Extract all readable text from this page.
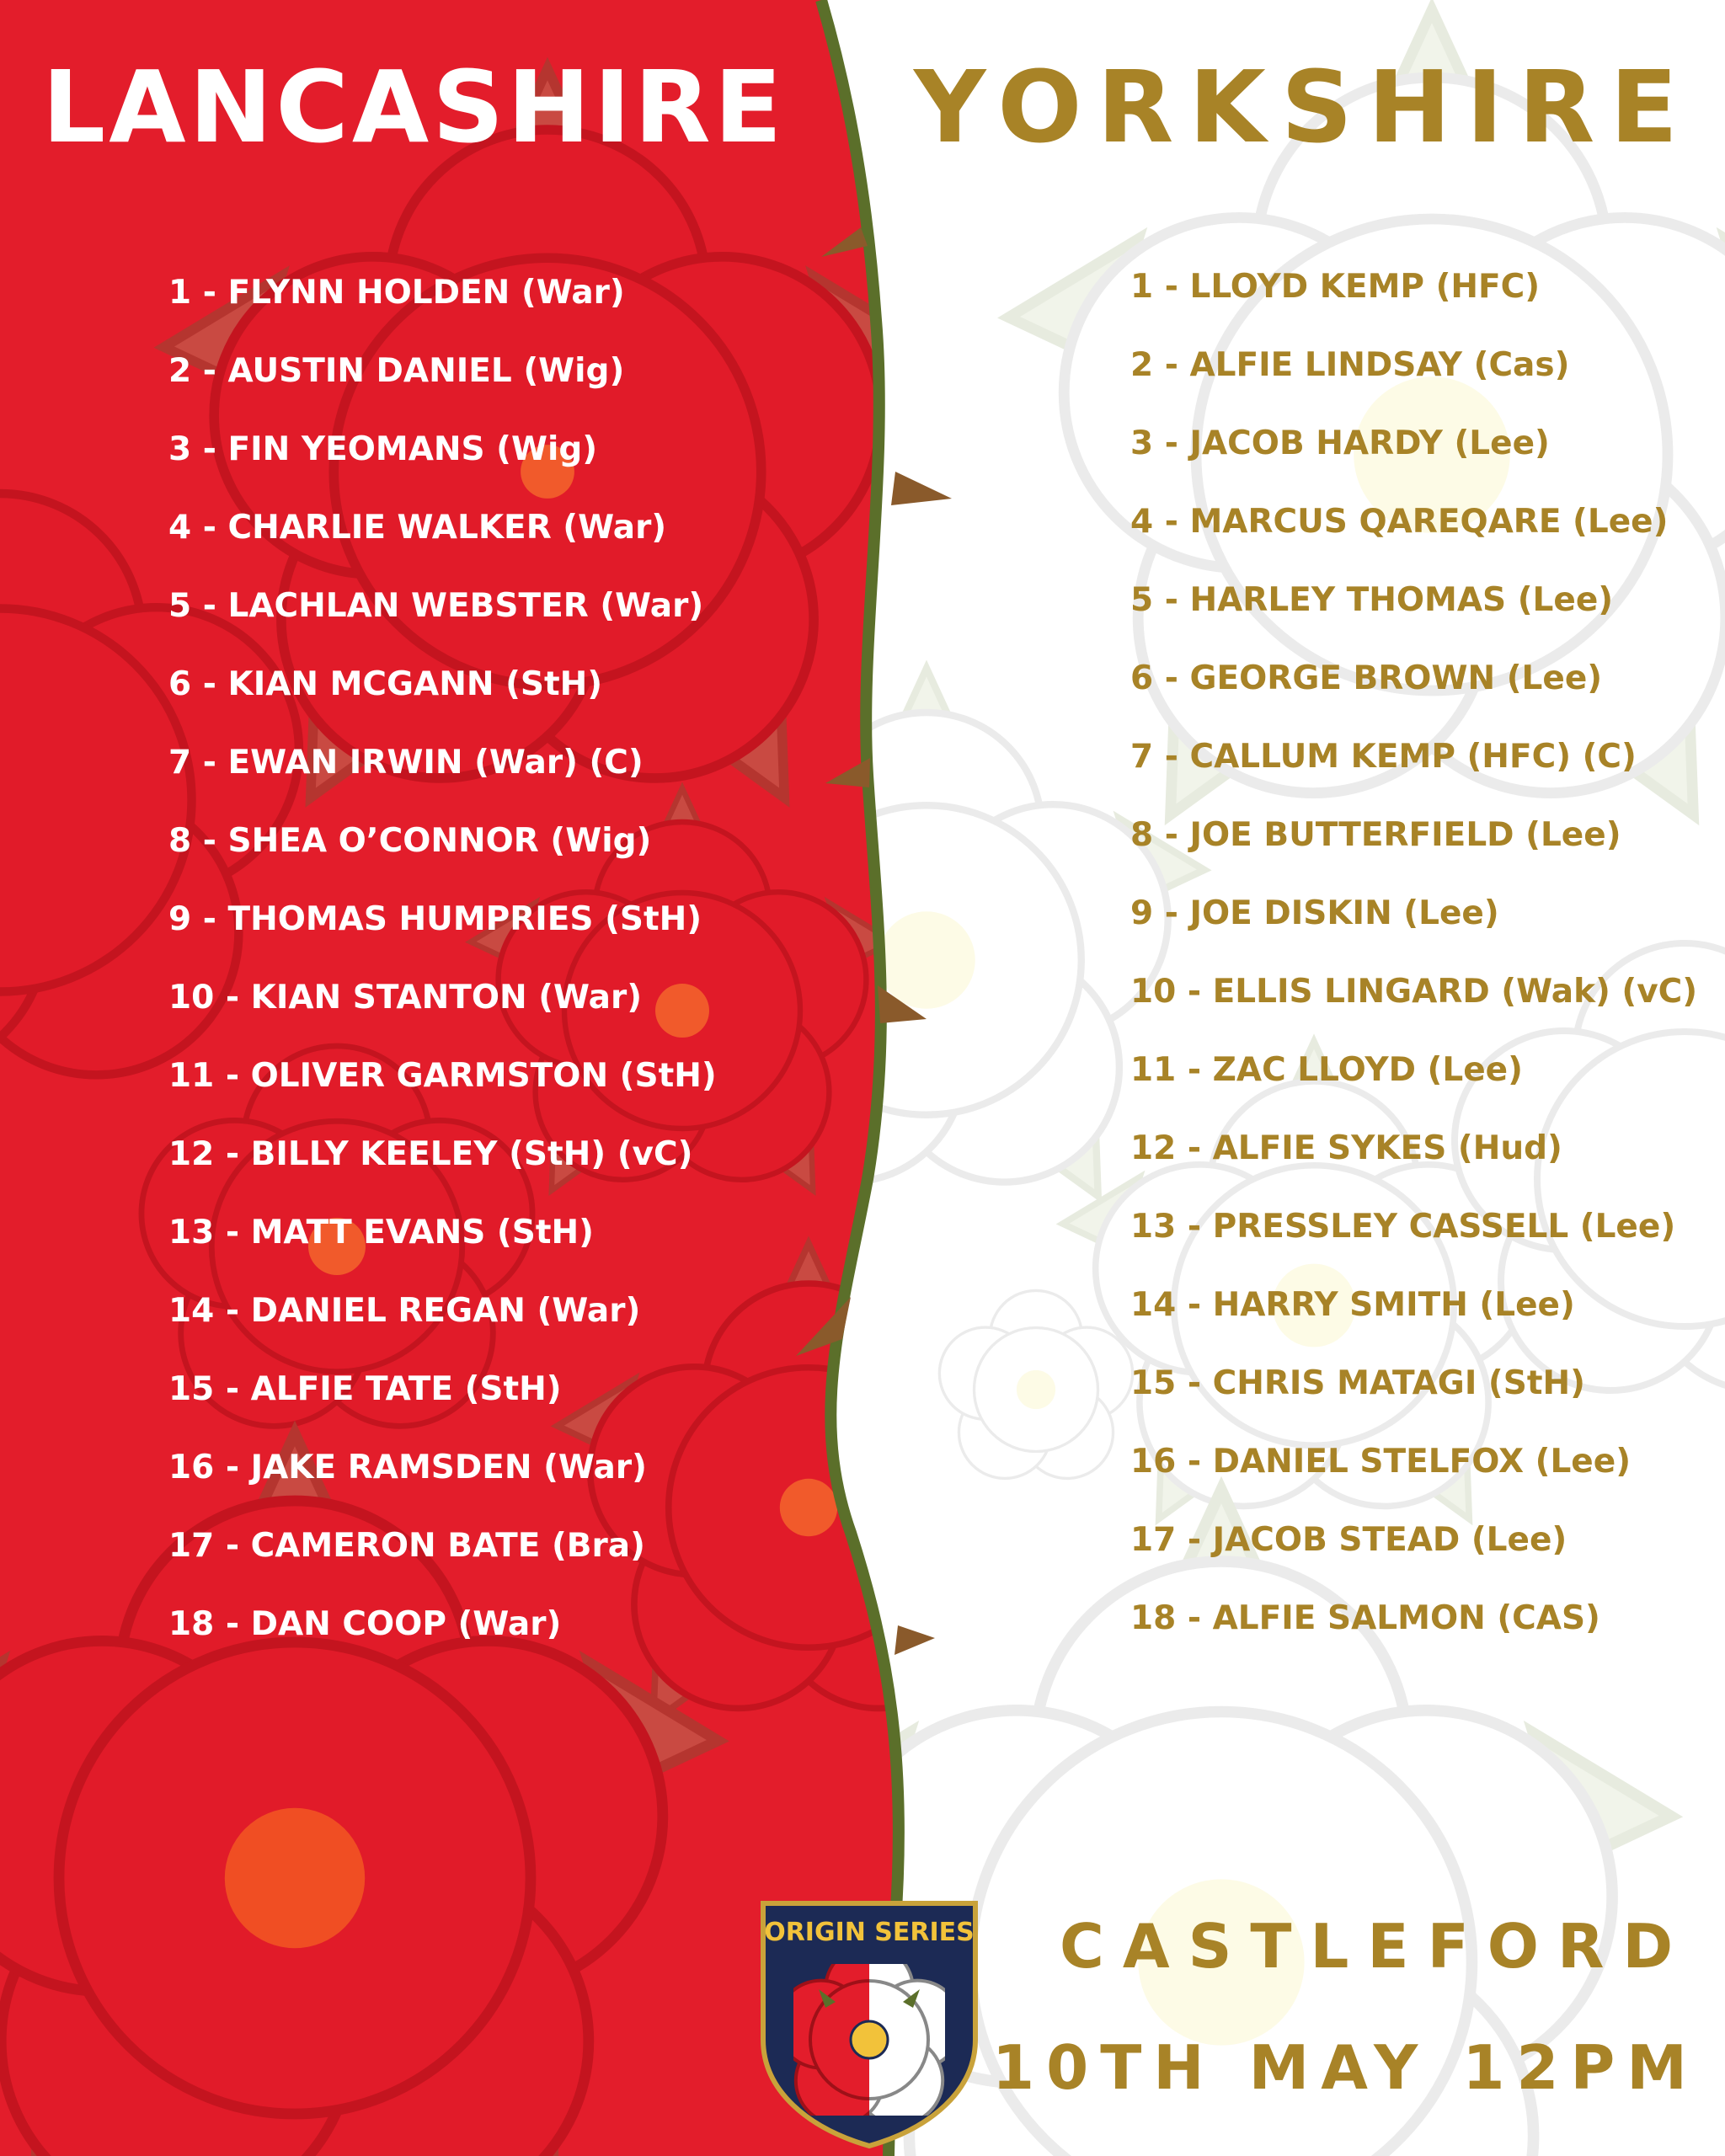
LANCASHIRE YORKSHIRE
1 - FLYNN HOLDEN (War)
2 - AUSTIN DANIEL (Wig)
3 - FIN YEOMANS (Wig)
4 - CHARLIE WALKER (War)
5 - LACHLAN WEBSTER (War)
6 - KIAN MCGANN (StH)
7 - EWAN IRWIN (War) (C)
8 - SHEA O’CONNOR (Wig)
9 - THOMAS HUMPRIES (StH)
10 - KIAN STANTON (War)
11 - OLIVER GARMSTON (StH)
12 - BILLY KEELEY (StH) (vC)
13 - MATT EVANS (StH)
14 - DANIEL REGAN (War)
15 - ALFIE TATE (StH)
16 - JAKE RAMSDEN (War)
17 - CAMERON BATE (Bra)
18 - DAN COOP (War)
1 - LLOYD KEMP (HFC)
2 - ALFIE LINDSAY (Cas)
3 - JACOB HARDY (Lee)
4 - MARCUS QAREQARE (Lee)
5 - HARLEY THOMAS (Lee)
6 - GEORGE BROWN (Lee)
7 - CALLUM KEMP (HFC) (C)
8 - JOE BUTTERFIELD (Lee)
9 - JOE DISKIN (Lee)
10 - ELLIS LINGARD (Wak) (vC)
11 - ZAC LLOYD (Lee)
12 - ALFIE SYKES (Hud)
13 - PRESSLEY CASSELL (Lee)
14 - HARRY SMITH (Lee)
15 - CHRIS MATAGI (StH)
16 - DANIEL STELFOX (Lee)
17 - JACOB STEAD (Lee)
18 - ALFIE SALMON (CAS)
CASTLEFORD
10TH MAY 12PM
ORIGIN SERIES
